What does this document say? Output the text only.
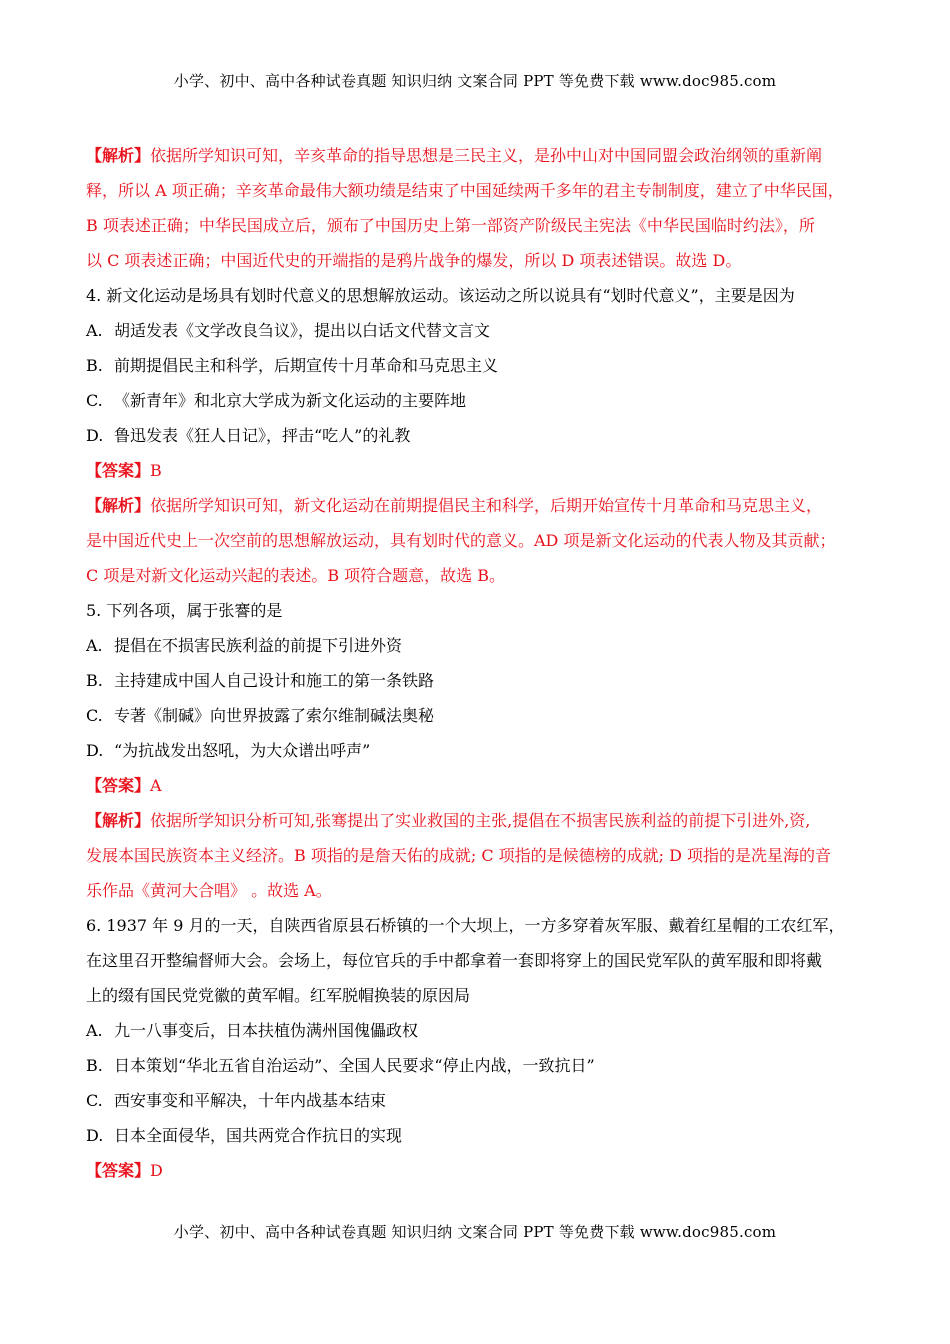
小学、初中、高中各种试卷真题 知识归纳 文案合同 PPT 等免费下载 www.doc985.com

【解析】依据所学知识可知，辛亥革命的指导思想是三民主义，是孙中山对中国同盟会政治纲领的重新阐

释，所以 A 项正确；辛亥革命最伟大额功绩是结束了中国延续两千多年的君主专制制度，建立了中华民国，

B 项表述正确；中华民国成立后，颁布了中国历史上第一部资产阶级民主宪法《中华民国临时约法》，所

以 C 项表述正确；中国近代史的开端指的是鸦片战争的爆发，所以 D 项表述错误。故选 D。

4. 新文化运动是场具有划时代意义的思想解放运动。该运动之所以说具有“划时代意义”，主要是因为

A. 胡适发表《文学改良刍议》，提出以白话文代替文言文
B. 前期提倡民主和科学，后期宣传十月革命和马克思主义
C. 《新青年》和北京大学成为新文化运动的主要阵地
D. 鲁迅发表《狂人日记》，抨击“吃人”的礼教
【答案】B

【解析】依据所学知识可知，新文化运动在前期提倡民主和科学，后期开始宣传十月革命和马克思主义，

是中国近代史上一次空前的思想解放运动，具有划时代的意义。AD 项是新文化运动的代表人物及其贡献；

C 项是对新文化运动兴起的表述。B 项符合题意，故选 B。

5. 下列各项，属于张謇的是

A. 提倡在不损害民族利益的前提下引进外资
B. 主持建成中国人自己设计和施工的第一条铁路
C. 专著《制碱》向世界披露了索尔维制碱法奥秘
D. “为抗战发出怒吼，为大众谱出呼声”
【答案】A

【解析】依据所学知识分析可知,张骞提出了实业救国的主张,提倡在不损害民族利益的前提下引进外,资,

发展本国民族资本主义经济。B 项指的是詹天佑的成就; C 项指的是候德榜的成就; D 项指的是冼星海的音

乐作品《黄河大合唱》 。故选 A。

6. 1937 年 9 月的一天，自陕西省原县石桥镇的一个大坝上，一方多穿着灰军服、戴着红星帽的工农红军，

在这里召开整编督师大会。会场上，每位官兵的手中都拿着一套即将穿上的国民党军队的黄军服和即将戴

上的缀有国民党党徽的黄军帽。红军脱帽换装的原因局

A. 九一八事变后，日本扶植伪满州国傀儡政权
B. 日本策划“华北五省自治运动”、全国人民要求“停止内战，一致抗日”
C. 西安事变和平解决，十年内战基本结束
D. 日本全面侵华，国共两党合作抗日的实现
【答案】D
小学、初中、高中各种试卷真题 知识归纳 文案合同 PPT 等免费下载 www.doc985.com
